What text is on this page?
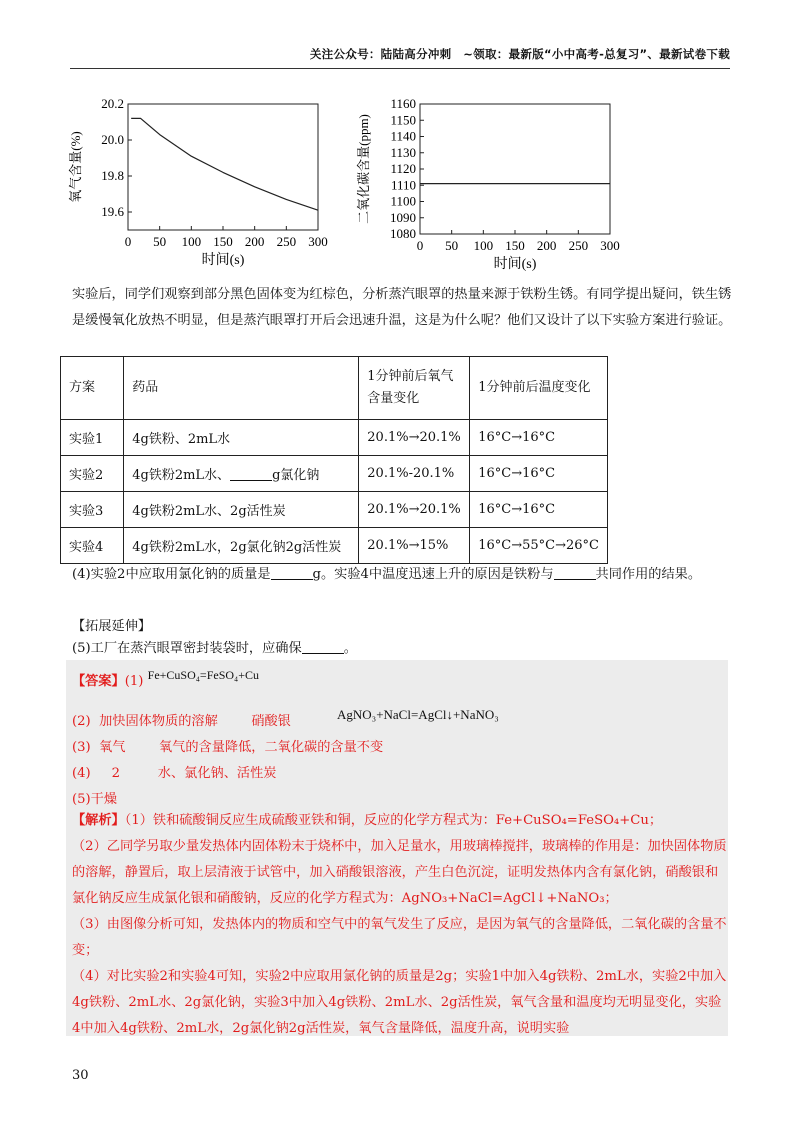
关注公众号：陆陆高分冲刺　~领取：最新版“小中高考-总复习”、最新试卷下载
0 50 100 150 200 250 300
20.2
20.0
19.8
19.6
时间(s)
氧气含量(%)
0 50 100 150 200 250 300
1160
1150
1140
1130
1120
1110
1100
1090
1080
时间(s)
二氧化碳含量(ppm)

实验后，同学们观察到部分黑色固体变为红棕色，分析蒸汽眼罩的热量来源于铁粉生锈。有同学提出疑问，铁生锈是缓慢氧化放热不明显，但是蒸汽眼罩打开后会迅速升温，这是为什么呢？他们又设计了以下实验方案进行验证。

方案	药品	1分钟前后氧气含量变化	1分钟前后温度变化
实验1	4g铁粉、2mL水	20.1%→20.1%	16°C→16°C
实验2	4g铁粉2mL水、 g氯化钠	20.1%-20.1%	16°C→16°C
实验3	4g铁粉2mL水、2g活性炭	20.1%→20.1%	16°C→16°C
实验4	4g铁粉2mL水，2g氯化钠2g活性炭	20.1%→15%	16°C→55°C→26°C

(4)实验2中应取用氯化钠的质量是	g。实验4中温度迅速上升的原因是铁粉与	共同作用的结果。

【拓展延伸】

(5)工厂在蒸汽眼罩密封装袋时，应确保	。

【答案】(1) Fe+CuSO₄=FeSO₄+Cu

(2) 加快固体物质的溶解	硝酸银	AgNO₃+NaCl=AgCl↓+NaNO₃

(3) 氧气	氧气的含量降低，二氧化碳的含量不变

(4) 2	水、氯化钠、活性炭

(5)干燥

【解析】（1）铁和硫酸铜反应生成硫酸亚铁和铜，反应的化学方程式为：Fe+CuSO₄=FeSO₄+Cu；

（2）乙同学另取少量发热体内固体粉末于烧杯中，加入足量水，用玻璃棒搅拌，玻璃棒的作用是：加快固体物质的溶解，静置后，取上层清液于试管中，加入硝酸银溶液，产生白色沉淀，证明发热体内含有氯化钠，硝酸银和氯化钠反应生成氯化银和硝酸钠，反应的化学方程式为：AgNO₃+NaCl=AgCl↓+NaNO₃；

（3）由图像分析可知，发热体内的物质和空气中的氧气发生了反应，是因为氧气的含量降低，二氧化碳的含量不变；

（4）对比实验2和实验4可知，实验2中应取用氯化钠的质量是2g；实验1中加入4g铁粉、2mL水，实验2中加入4g铁粉、2mL水、2g氯化钠，实验3中加入4g铁粉、2mL水、2g活性炭，氧气含量和温度均无明显变化，实验4中加入4g铁粉、2mL水，2g氯化钠2g活性炭，氧气含量降低，温度升高，说明实验

30
